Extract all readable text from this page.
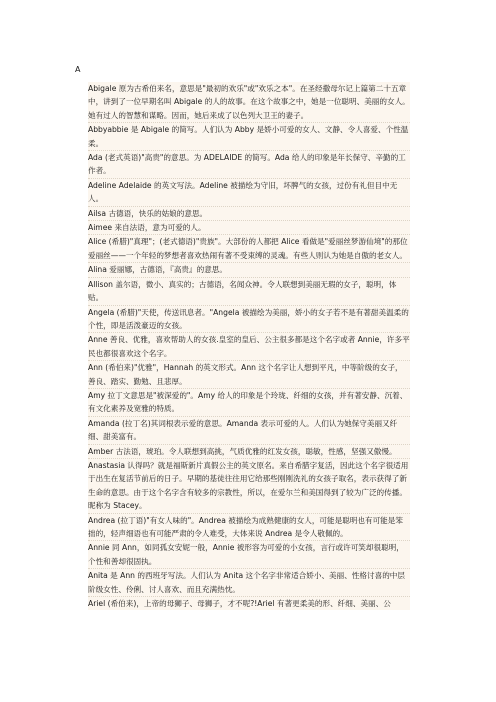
A

Abigale 原为古希伯来名，意思是"最初的欢乐"或"欢乐之本"。在圣经撒母尔记上篇第二十五章中，讲到了一位早期名叫 Abigale 的人的故事。在这个故事之中，她是一位聪明、美丽的女人。她有过人的智慧和谋略。因而，她后来成了以色列大卫王的妻子。

Abbyabbie 是 Abigale 的简写。人们认为 Abby 是娇小可爱的女人、文静、令人喜爱、个性温柔。

Ada (老式英语)"高贵"的意思。为 ADELAIDE 的简写。Ada 给人的印象是年长保守、辛勤的工作者。

Adeline Adelaide 的英文写法。Adeline 被描绘为守旧，坏脾气的女孩，过份有礼但目中无人。

Ailsa 古德语，快乐的姑娘的意思。

Aimee 来自法语，意为可爱的人。

Alice (希腊)"真理"；(老式德语)"贵族"。大部份的人都把 Alice 看做是"爱丽丝梦游仙境"的那位爱丽丝——一个年轻的梦想者喜欢热闹有著不受束缚的灵魂。有些人则认为她是自傲的老女人。

Alina 爱丽娜，古德语，『高贵』的意思。

Allison 盖尔语，微小、真实的；古德语，名闻众神。令人联想到美丽无瑕的女子，聪明，体贴。

Angela (希腊)"天使，传送讯息者。"Angela 被描绘为美丽，娇小的女子若不是有著甜美温柔的个性，即是活泼豪迈的女孩。

Anne 善良、优雅，喜欢帮助人的女孩.皇室的皇后、公主很多都是这个名字或者 Annie，许多平民也都很喜欢这个名字。

Ann (希伯来)"优雅"，Hannah 的英文形式。Ann 这个名字让人想到平凡，中等阶级的女子，善良、踏实、勤勉、且悲厚。

Amy 拉丁文意思是"被深爱的"。Amy 给人的印象是个玲珑、纤细的女孩，并有著安静、沉着、有文化素养及宽雅的特质。

Amanda (拉丁名)其词根表示爱的意思。Amanda 表示可爱的人。人们认为她保守美丽又纤细、甜美富有。

Amber 古法语，琥珀。令人联想到高挑，气质优雅的红发女孩，聪敏，性感，坚强又傲慢。

Anastasia 认得吗？就是福斯新片真假公主的英文原名。来自希腊字复活，因此这个名字很适用于出生在复活节前后的日子。早期的基徒往往用它给那些刚刚洗礼的女孩子取名，表示获得了新生命的意思。由于这个名字含有较多的宗教性，所以，在爱尔兰和美国得到了较为广泛的传播。昵称为 Stacey。

Andrea (拉丁语)"有女人味的"。Andrea 被描绘为成熟健康的女人，可能是聪明也有可能是笨拙的，轻声细语也有可能严肃的令人难受，大体来说 Andrea 是令人敬佩的。

Annie 同 Ann，如同孤女安妮一般，Annie 被形容为可爱的小女孩，言行或许可笑却很聪明，个性和善却很固执。

Anita 是 Ann 的西班牙写法。人们认为 Anita 这个名字非常适合娇小、美丽、性格讨喜的中层阶级女性、伶俐、讨人喜欢、而且充满热忱。

Ariel (希伯来)，上帝的母狮子、母狮子，才不呢?!Ariel 有著更柔美的形、纤细、美丽、公
